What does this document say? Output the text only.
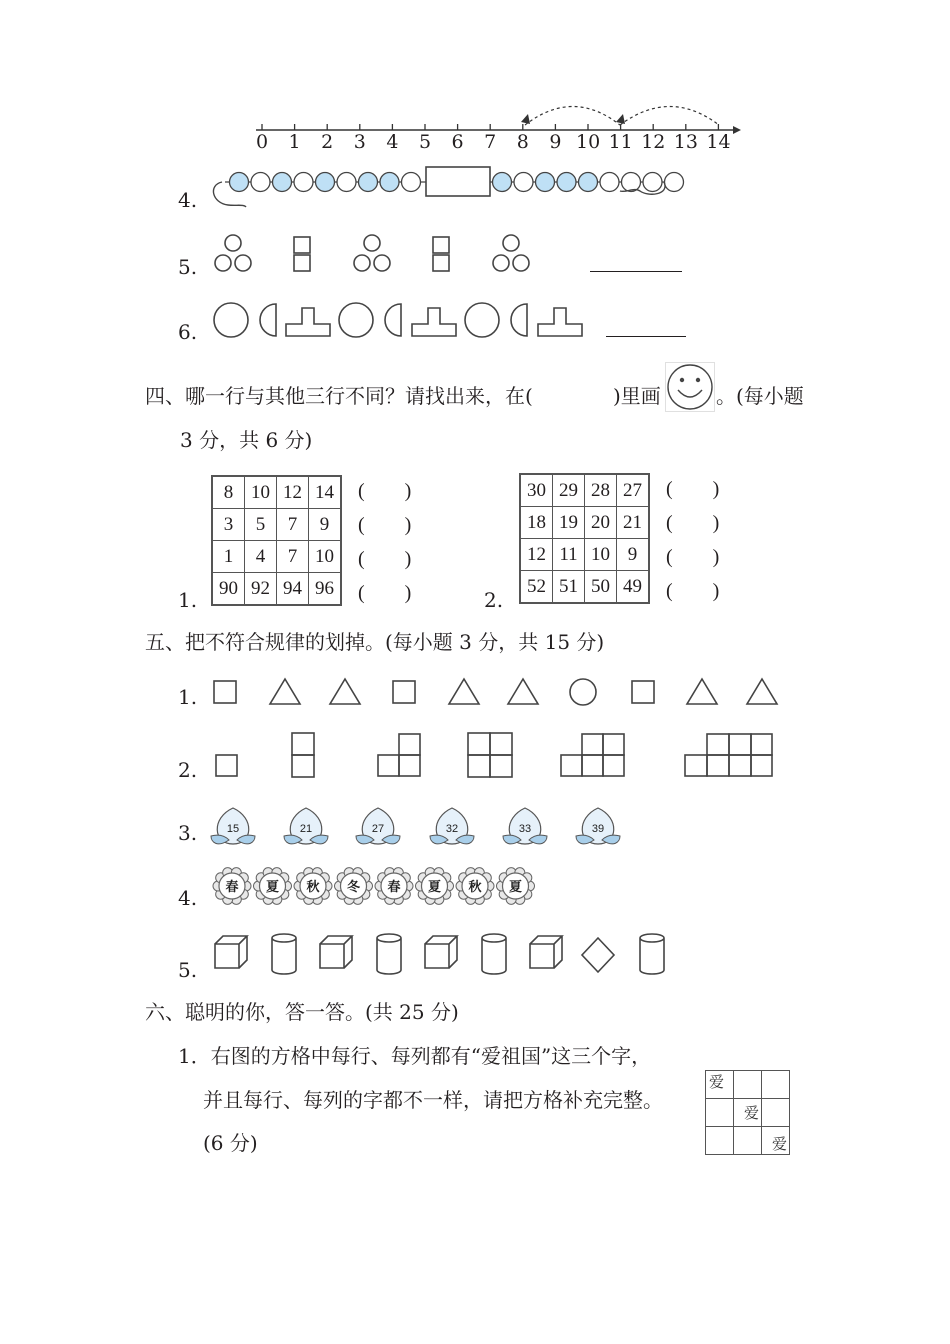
0	1	2	3	4	5	6	7	8	9 10 11 12 13 14
4.
5.
6.
四、哪一行与其他三行不同？请找出来，在(	)里画	。(每小题
3 分，共 6 分)
1.
8	10	12	14
3	5	7	9
1	4	7	10
90	92	94	96
(        )
(        )
(        )
(        )	2.
30	29	28	27
18	19	20	21
12	11	10	9
52	51	50	49
(        )
(        )
(        )
(        )
五、把不符合规律的划掉。(每小题 3 分，共 15 分)
1.
2.
3.	15	21	27	32	33	39
4. 春 夏 秋 冬 春 夏 秋 夏
5.
六、聪明的你，答一答。(共 25 分)
1．右图的方格中每行、每列都有“爱祖国”这三个字，
并且每行、每列的字都不一样，请把方格补充完整。
(6 分)
爱		
	爱	
		爱
